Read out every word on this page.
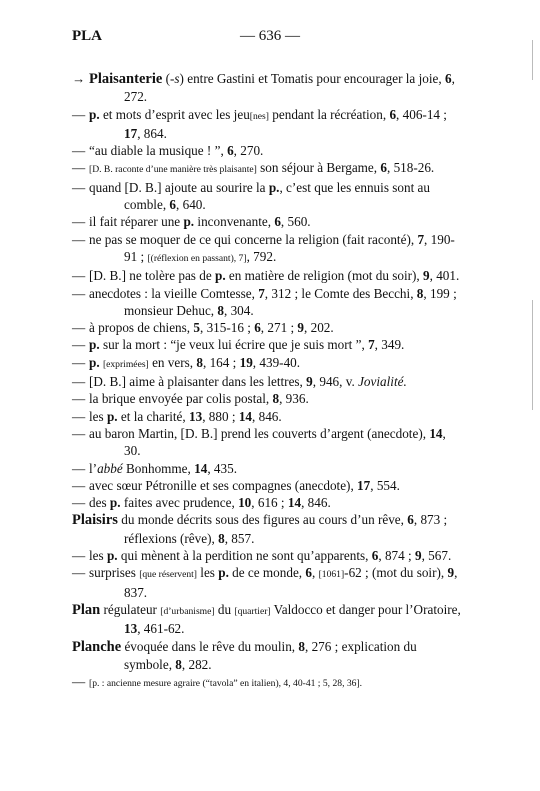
PLA	— 636 —

→ Plaisanterie (-s) entre Gastini et Tomatis pour encourager la joie, 6, 272.

— p. et mots d’esprit avec les jeu[nes] pendant la récréation, 6, 406-14 ; 17, 864.

— “au diable la musique ! ”, 6, 270.

— [D. B. raconte d’une manière très plaisante] son séjour à Bergame, 6, 518-26.

— quand [D. B.] ajoute au sourire la p., c’est que les ennuis sont au comble, 6, 640.

— il fait réparer une p. inconvenante, 6, 560.

— ne pas se moquer de ce qui concerne la religion (fait raconté), 7, 190-91 ; [(réflexion en passant), 7], 792.

— [D. B.] ne tolère pas de p. en matière de religion (mot du soir), 9, 401.

— anecdotes : la vieille Comtesse, 7, 312 ; le Comte des Becchi, 8, 199 ; monsieur Dehuc, 8, 304.

— à propos de chiens, 5, 315-16 ; 6, 271 ; 9, 202.

— p. sur la mort : “je veux lui écrire que je suis mort ”, 7, 349.

— p. [exprimées] en vers, 8, 164 ; 19, 439-40.

— [D. B.] aime à plaisanter dans les lettres, 9, 946, v. Jovialité.

— la brique envoyée par colis postal, 8, 936.

— les p. et la charité, 13, 880 ; 14, 846.

— au baron Martin, [D. B.] prend les couverts d’argent (anecdote), 14, 30.

— l’abbé Bonhomme, 14, 435.

— avec sœur Pétronille et ses compagnes (anecdote), 17, 554.

— des p. faites avec prudence, 10, 616 ; 14, 846.

Plaisirs du monde décrits sous des figures au cours d’un rêve, 6, 873 ; réflexions (rêve), 8, 857.

— les p. qui mènent à la perdition ne sont qu’apparents, 6, 874 ; 9, 567.

— surprises [que réservent] les p. de ce monde, 6, [1061]-62 ; (mot du soir), 9, 837.

Plan régulateur [d’urbanisme] du [quartier] Valdocco et danger pour l’Oratoire, 13, 461-62.

Planche évoquée dans le rêve du moulin, 8, 276 ; explication du symbole, 8, 282.

— [p. : ancienne mesure agraire (“tavola” en italien), 4, 40-41 ; 5, 28, 36].
